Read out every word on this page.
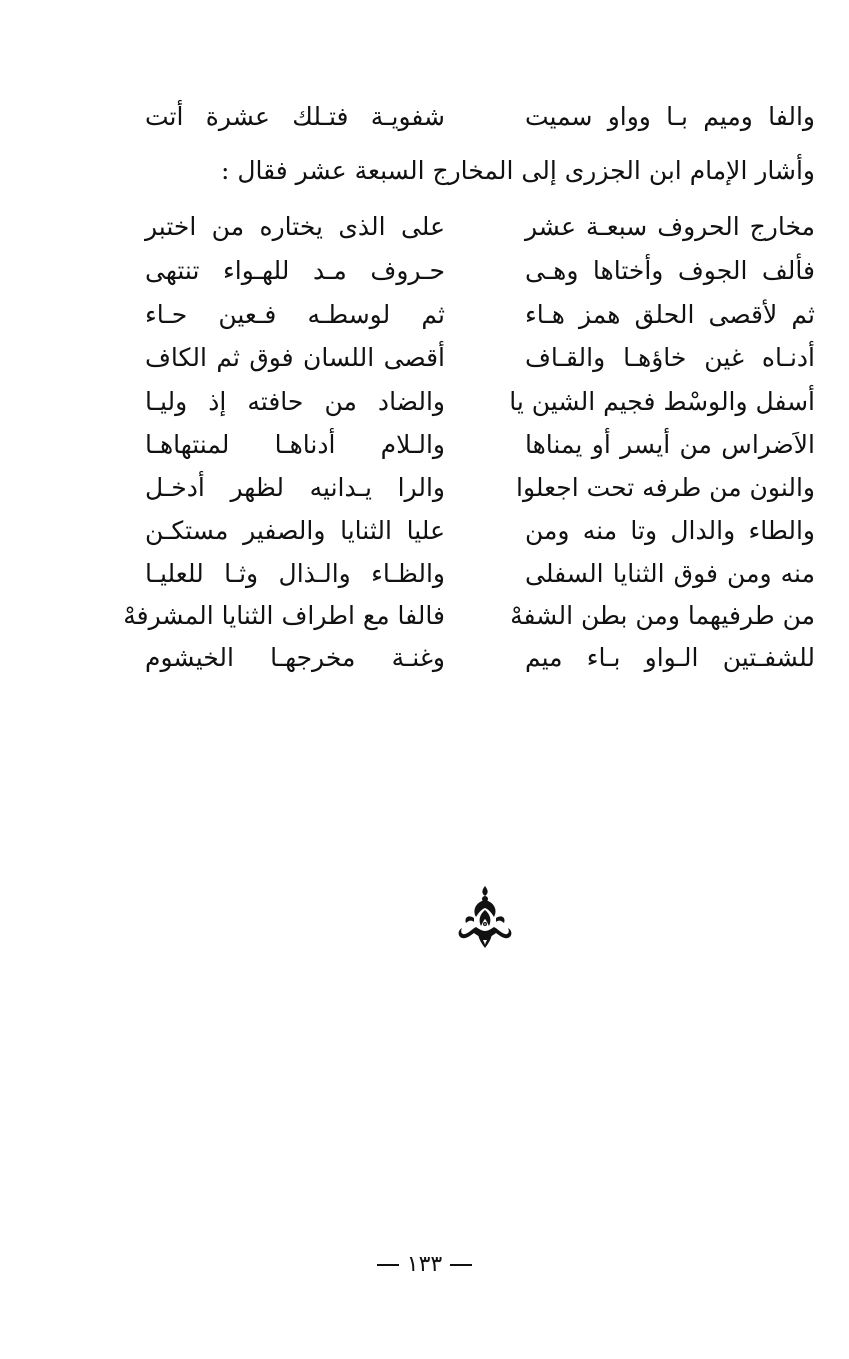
والفا وميم بـا وواو سميت
شفويـة فتـلك عشرة أتت
وأشار الإمام ابن الجزرى إلى المخارج السبعة عشر فقال :
مخارج الحروف سبعـة عشر
على الذى يختاره من اختبر
فألف الجوف وأختاها وهـى
حـروف مـد للهـواء تنتهى
ثم لأقصى الحلق همز هـاء
ثم لوسطـه فـعين حـاء
أدنـاه غين خاؤهـا والقـاف
أقصى اللسان فوق ثم الكاف
أسفل والوسْط فجيم الشين يا
والضاد من حافته إذ وليـا
الاَضراس من أيسر أو يمناها
والـلام أدناهـا لمنتهاهـا
والنون من طرفه تحت اجعلوا
والرا يـدانيه لظهر أدخـل
والطاء والدال وتا منه ومن
عليا الثنايا والصفير مستكـن
منه ومن فوق الثنايا السفلى
والظـاء والـذال وثـا للعليـا
من طرفيهما ومن بطن الشفهْ
فالفا مع اطراف الثنايا المشرفهْ
للشفـتين الـواو بـاء ميم
وغنـة مخرجهـا الخيشوم
١٣٣
